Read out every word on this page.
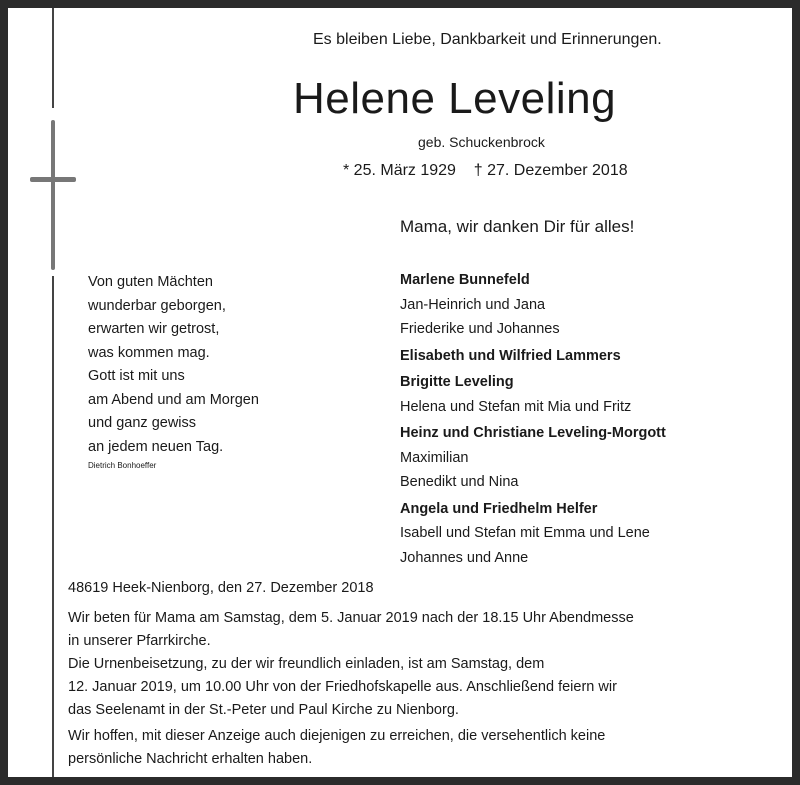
Es bleiben Liebe, Dankbarkeit und Erinnerungen.
Helene Leveling
geb. Schuckenbrock
* 25. März 1929    † 27. Dezember 2018
Mama, wir danken Dir für alles!
Von guten Mächten
wunderbar geborgen,
erwarten wir getrost,
was kommen mag.
Gott ist mit uns
am Abend und am Morgen
und ganz gewiss
an jedem neuen Tag.
Dietrich Bonhoeffer
Marlene Bunnefeld
Jan-Heinrich und Jana
Friederike und Johannes
Elisabeth und Wilfried Lammers
Brigitte Leveling
Helena und Stefan mit Mia und Fritz
Heinz und Christiane Leveling-Morgott
Maximilian
Benedikt und Nina
Angela und Friedhelm Helfer
Isabell und Stefan mit Emma und Lene
Johannes und Anne
48619 Heek-Nienborg, den 27. Dezember 2018
Wir beten für Mama am Samstag, dem 5. Januar 2019 nach der 18.15 Uhr Abendmesse
in unserer Pfarrkirche.
Die Urnenbeisetzung, zu der wir freundlich einladen, ist am Samstag, dem
12. Januar 2019, um 10.00 Uhr von der Friedhofskapelle aus. Anschließend feiern wir
das Seelenamt in der St.-Peter und Paul Kirche zu Nienborg.
Wir hoffen, mit dieser Anzeige auch diejenigen zu erreichen, die versehentlich keine
persönliche Nachricht erhalten haben.
